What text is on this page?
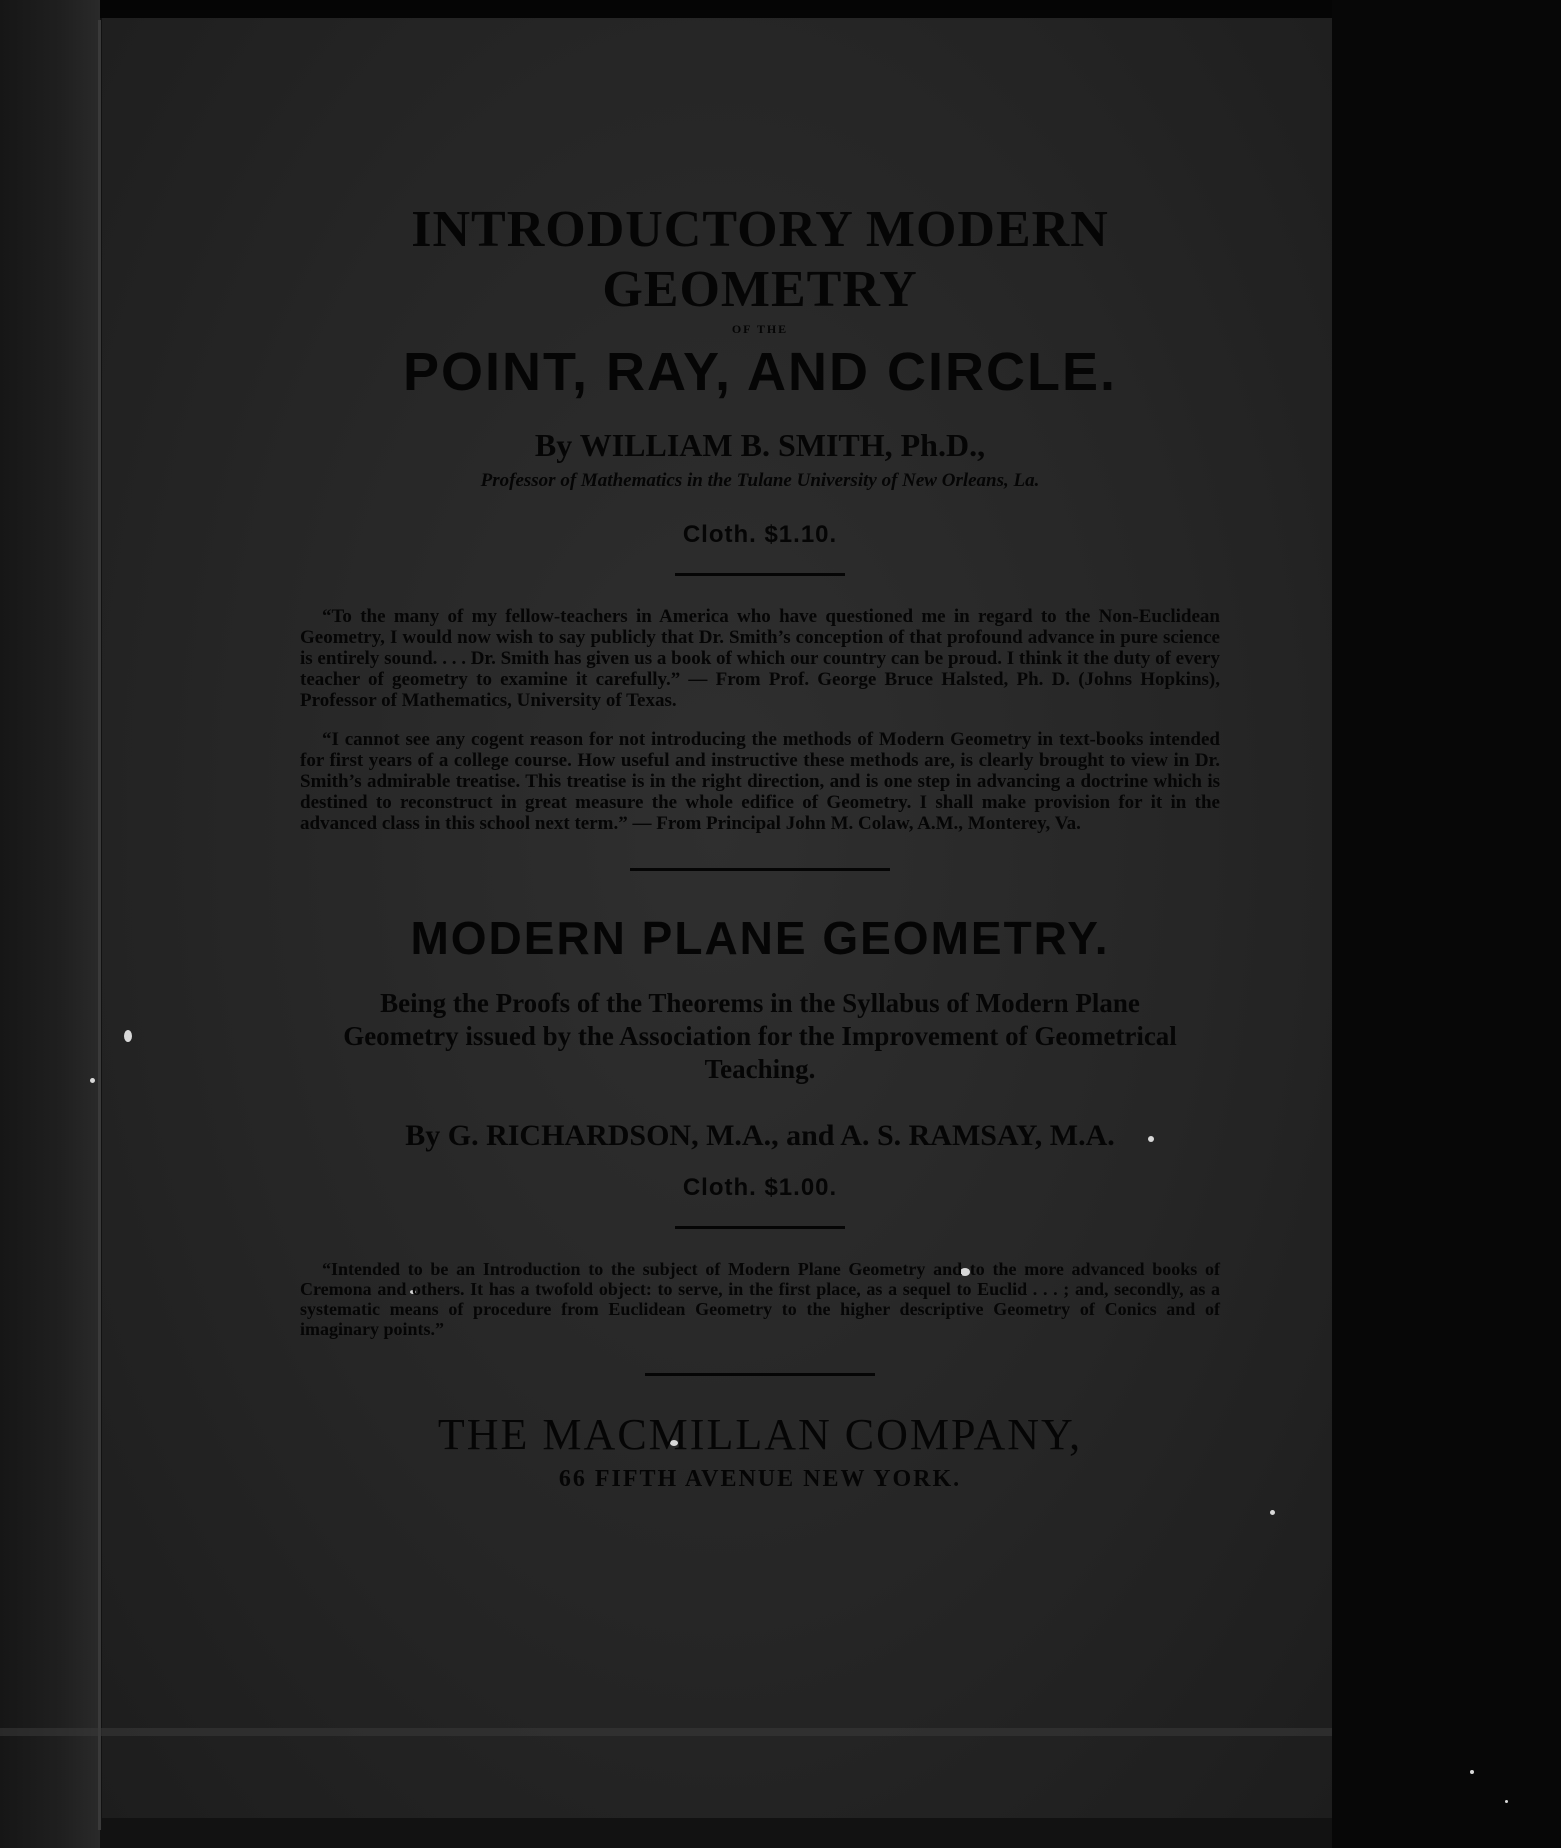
INTRODUCTORY MODERN GEOMETRY
OF THE
POINT, RAY, AND CIRCLE.
By WILLIAM B. SMITH, Ph.D.,
Professor of Mathematics in the Tulane University of New Orleans, La.
Cloth. $1.10.

“To the many of my fellow-teachers in America who have questioned me in regard to the Non-Euclidean Geometry, I would now wish to say publicly that Dr. Smith’s conception of that profound advance in pure science is entirely sound. . . . Dr. Smith has given us a book of which our country can be proud. I think it the duty of every teacher of geometry to examine it carefully.” — From Prof. George Bruce Halsted, Ph. D. (Johns Hopkins), Professor of Mathematics, University of Texas.

“I cannot see any cogent reason for not introducing the methods of Modern Geometry in text-books intended for first years of a college course. How useful and instructive these methods are, is clearly brought to view in Dr. Smith’s admirable treatise. This treatise is in the right direction, and is one step in advancing a doctrine which is destined to reconstruct in great measure the whole edifice of Geometry. I shall make provision for it in the advanced class in this school next term.” — From Principal John M. Colaw, A.M., Monterey, Va.

MODERN PLANE GEOMETRY.
Being the Proofs of the Theorems in the Syllabus of Modern Plane Geometry issued by the Association for the Improvement of Geometrical Teaching.
By G. RICHARDSON, M.A., and A. S. RAMSAY, M.A.
Cloth. $1.00.

“Intended to be an Introduction to the subject of Modern Plane Geometry and to the more advanced books of Cremona and others. It has a twofold object: to serve, in the first place, as a sequel to Euclid . . . ; and, secondly, as a systematic means of procedure from Euclidean Geometry to the higher descriptive Geometry of Conics and of imaginary points.”

THE MACMILLAN COMPANY,
66 FIFTH AVENUE NEW YORK.
